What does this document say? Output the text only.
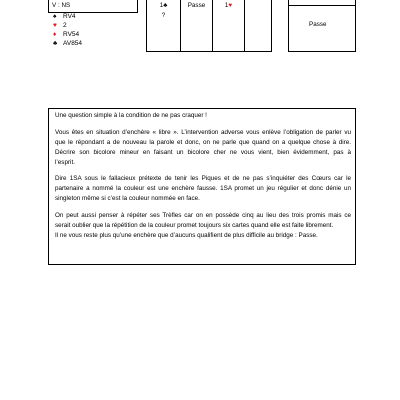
V : NS
♠ RV4
♥ 2
♦ RV54
♣ AV854
1♣
?
Passe	1♥
Passe
Une question simple à la condition de ne pas craquer !
Vous êtes en situation d’enchère « libre ». L’intervention adverse vous enlève l’obligation de parler vu
que le répondant a de nouveau la parole et donc, on ne parle que quand on a quelque chose à dire.
Décrire son bicolore mineur en faisant un bicolore cher ne vous vient, bien évidemment, pas à
l’esprit.
Dire 1SA sous le fallacieux prétexte de tenir les Piques et de ne pas s’inquiéter des Cœurs car le
partenaire a nommé la couleur est une enchère fausse. 1SA promet un jeu régulier et donc dénie un
singleton même si c’est la couleur nommée en face.
On peut aussi penser à répéter ses Trèfles car on en possède cinq au lieu des trois promis mais ce
serait oublier que la répétition de la couleur promet toujours six cartes quand elle est faite librement.
Il ne vous reste plus qu’une enchère que d’aucuns qualifient de plus difficile au bridge : Passe.
